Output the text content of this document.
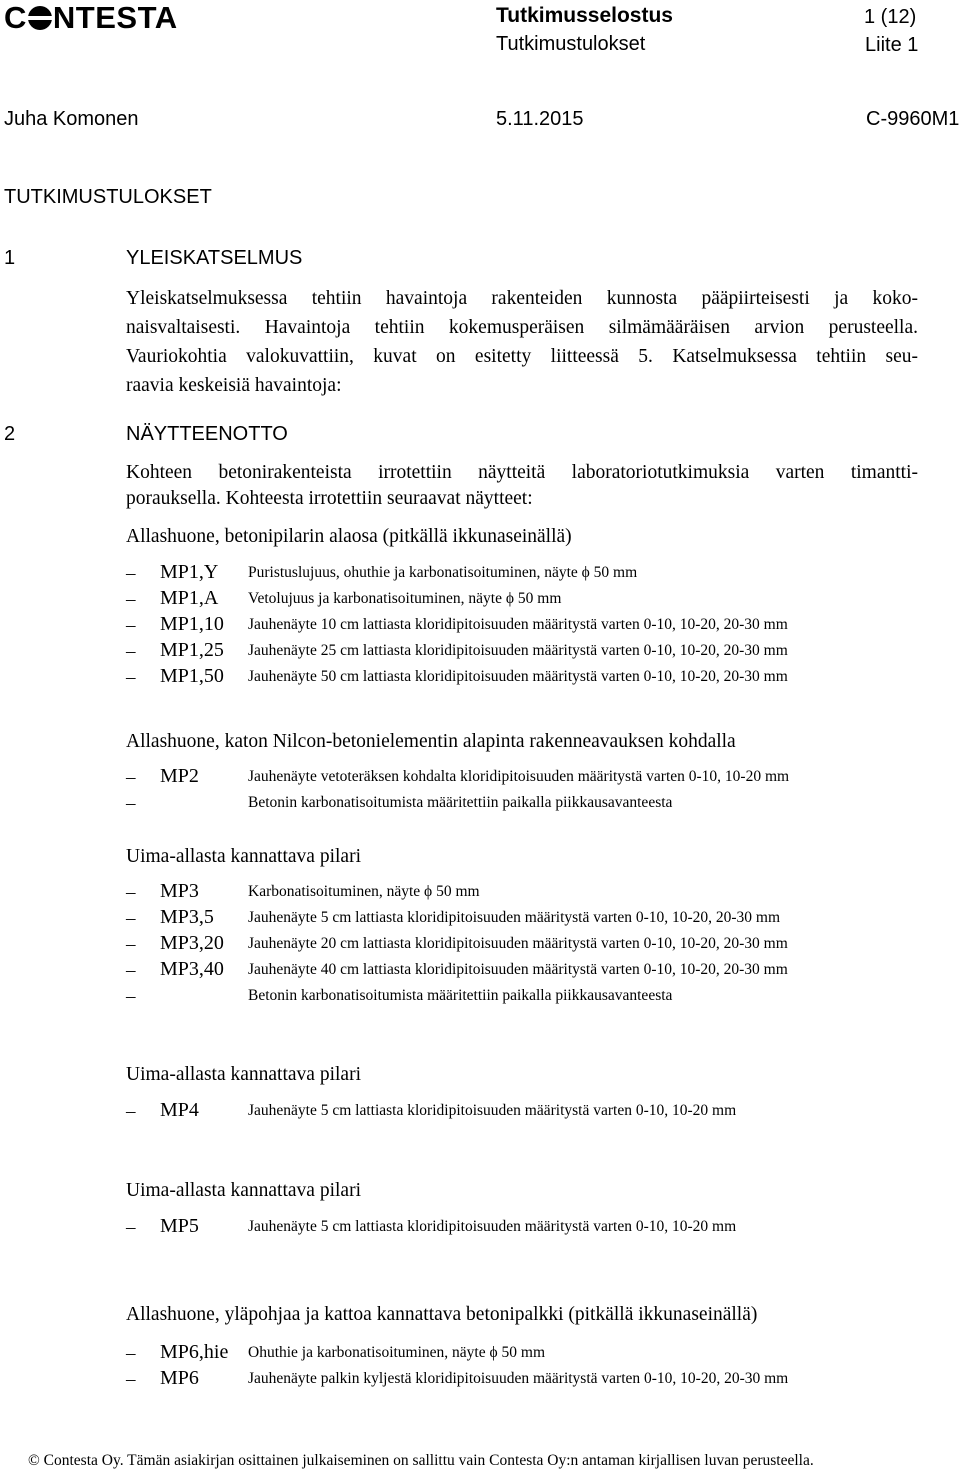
C NTESTA	Tutkimusselostus
Tutkimustulokset
1 (12)
Liite 1
Juha Komonen	5.11.2015	C-9960M1
TUTKIMUSTULOKSET
1	YLEISKATSELMUS
Yleiskatselmuksessa tehtiin havaintoja rakenteiden kunnosta pääpiirteisesti ja koko-
naisvaltaisesti. Havaintoja tehtiin kokemusperäisen silmämääräisen arvion perusteella.
Vauriokohtia valokuvattiin, kuvat on esitetty liitteessä 5. Katselmuksessa tehtiin seu-
raavia keskeisiä havaintoja:
2	NÄYTTEENOTTO
Kohteen betonirakenteista irrotettiin näytteitä laboratoriotutkimuksia varten timantti-
porauksella. Kohteesta irrotettiin seuraavat näytteet:
Allashuone, betonipilarin alaosa (pitkällä ikkunaseinällä)
– MP1,Y Puristuslujuus, ohuthie ja karbonatisoituminen, näyte ϕ 50 mm
– MP1,A Vetolujuus ja karbonatisoituminen, näyte ϕ 50 mm
– MP1,10 Jauhenäyte 10 cm lattiasta kloridipitoisuuden määritystä varten 0-10, 10-20, 20-30 mm
– MP1,25 Jauhenäyte 25 cm lattiasta kloridipitoisuuden määritystä varten 0-10, 10-20, 20-30 mm
– MP1,50 Jauhenäyte 50 cm lattiasta kloridipitoisuuden määritystä varten 0-10, 10-20, 20-30 mm
Allashuone, katon Nilcon-betonielementin alapinta rakenneavauksen kohdalla
– MP2	Jauhenäyte vetoteräksen kohdalta kloridipitoisuuden määritystä varten 0-10, 10-20 mm
–	Betonin karbonatisoitumista määritettiin paikalla piikkausavanteesta
Uima-allasta kannattava pilari
– MP3	Karbonatisoituminen, näyte ϕ 50 mm
– MP3,5 Jauhenäyte 5 cm lattiasta kloridipitoisuuden määritystä varten 0-10, 10-20, 20-30 mm
– MP3,20 Jauhenäyte 20 cm lattiasta kloridipitoisuuden määritystä varten 0-10, 10-20, 20-30 mm
– MP3,40 Jauhenäyte 40 cm lattiasta kloridipitoisuuden määritystä varten 0-10, 10-20, 20-30 mm
–	Betonin karbonatisoitumista määritettiin paikalla piikkausavanteesta
Uima-allasta kannattava pilari
– MP4	Jauhenäyte 5 cm lattiasta kloridipitoisuuden määritystä varten 0-10, 10-20 mm
Uima-allasta kannattava pilari
– MP5	Jauhenäyte 5 cm lattiasta kloridipitoisuuden määritystä varten 0-10, 10-20 mm
Allashuone, yläpohjaa ja kattoa kannattava betonipalkki (pitkällä ikkunaseinällä)
– MP6,hie Ohuthie ja karbonatisoituminen, näyte ϕ 50 mm
– MP6	Jauhenäyte palkin kyljestä kloridipitoisuuden määritystä varten 0-10, 10-20, 20-30 mm
© Contesta Oy. Tämän asiakirjan osittainen julkaiseminen on sallittu vain Contesta Oy:n antaman kirjallisen luvan perusteella.
